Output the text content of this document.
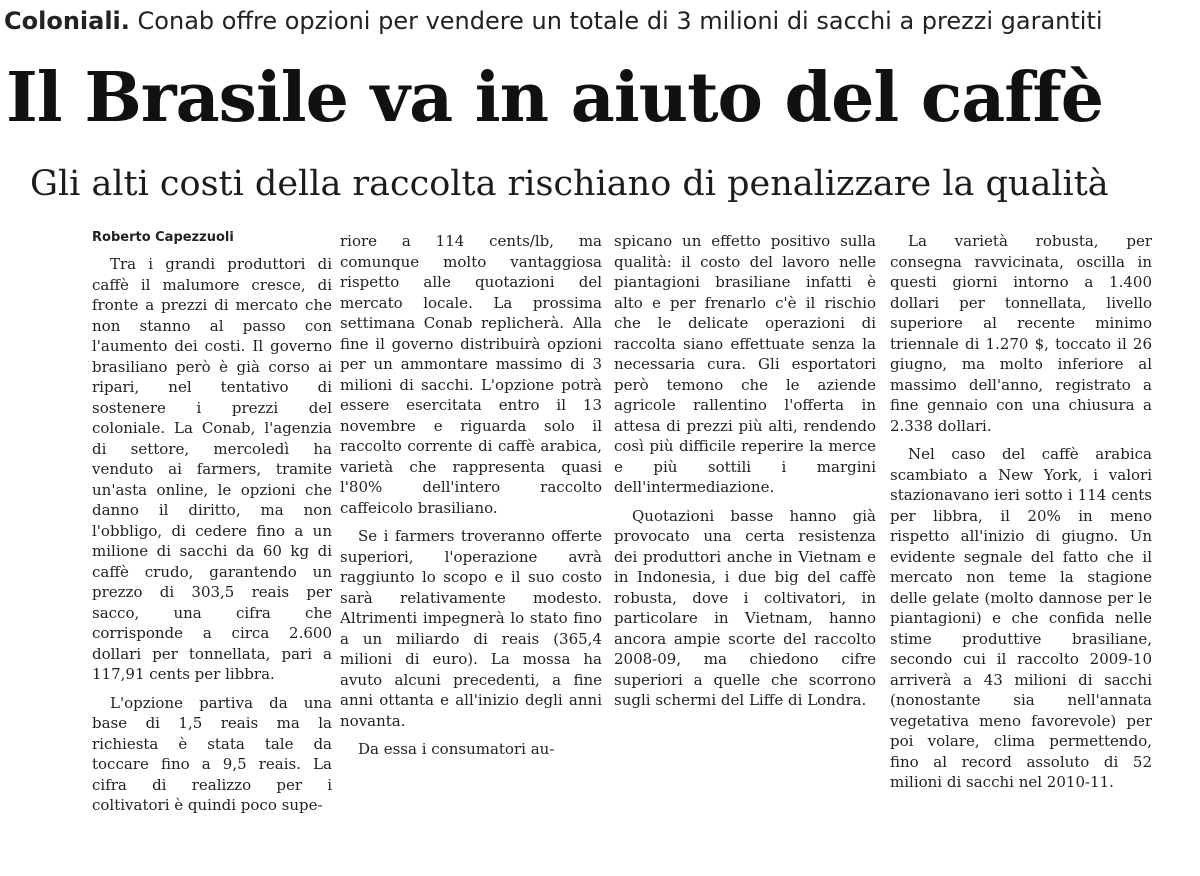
Coloniali. Conab offre opzioni per vendere un totale di 3 milioni di sacchi a prezzi garantiti
Il Brasile va in aiuto del caffè
Gli alti costi della raccolta rischiano di penalizzare la qualità
Roberto Capezzuoli

Tra i grandi produttori di caffè il malumore cresce, di fronte a prezzi di mercato che non stanno al passo con l'aumento dei costi. Il governo brasiliano però è già corso ai ripari, nel tentativo di sostenere i prezzi del coloniale. La Conab, l'agenzia di settore, mercoledì ha venduto ai farmers, tramite un'asta online, le opzioni che danno il diritto, ma non l'obbligo, di cedere fino a un milione di sacchi da 60 kg di caffè crudo, garantendo un prezzo di 303,5 reais per sacco, una cifra che corrisponde a circa 2.600 dollari per tonnellata, pari a 117,91 cents per libbra.

L'opzione partiva da una base di 1,5 reais ma la richiesta è stata tale da toccare fino a 9,5 reais. La cifra di realizzo per i coltivatori è quindi poco supe-

riore a 114 cents/lb, ma comunque molto vantaggiosa rispetto alle quotazioni del mercato locale. La prossima settimana Conab replicherà. Alla fine il governo distribuirà opzioni per un ammontare massimo di 3 milioni di sacchi. L'opzione potrà essere esercitata entro il 13 novembre e riguarda solo il raccolto corrente di caffè arabica, varietà che rappresenta quasi l'80% dell'intero raccolto caffeicolo brasiliano.

Se i farmers troveranno offerte superiori, l'operazione avrà raggiunto lo scopo e il suo costo sarà relativamente modesto. Altrimenti impegnerà lo stato fino a un miliardo di reais (365,4 milioni di euro). La mossa ha avuto alcuni precedenti, a fine anni ottanta e all'inizio degli anni novanta.

Da essa i consumatori au-

spicano un effetto positivo sulla qualità: il costo del lavoro nelle piantagioni brasiliane infatti è alto e per frenarlo c'è il rischio che le delicate operazioni di raccolta siano effettuate senza la necessaria cura. Gli esportatori però temono che le aziende agricole rallentino l'offerta in attesa di prezzi più alti, rendendo così più difficile reperire la merce e più sottili i margini dell'intermediazione.

Quotazioni basse hanno già provocato una certa resistenza dei produttori anche in Vietnam e in Indonesia, i due big del caffè robusta, dove i coltivatori, in particolare in Vietnam, hanno ancora ampie scorte del raccolto 2008-09, ma chiedono cifre superiori a quelle che scorrono sugli schermi del Liffe di Londra.

La varietà robusta, per consegna ravvicinata, oscilla in questi giorni intorno a 1.400 dollari per tonnellata, livello superiore al recente minimo triennale di 1.270 $, toccato il 26 giugno, ma molto inferiore al massimo dell'anno, registrato a fine gennaio con una chiusura a 2.338 dollari.

Nel caso del caffè arabica scambiato a New York, i valori stazionavano ieri sotto i 114 cents per libbra, il 20% in meno rispetto all'inizio di giugno. Un evidente segnale del fatto che il mercato non teme la stagione delle gelate (molto dannose per le piantagioni) e che confida nelle stime produttive brasiliane, secondo cui il raccolto 2009-10 arriverà a 43 milioni di sacchi (nonostante sia nell'annata vegetativa meno favorevole) per poi volare, clima permettendo, fino al record assoluto di 52 milioni di sacchi nel 2010-11.
